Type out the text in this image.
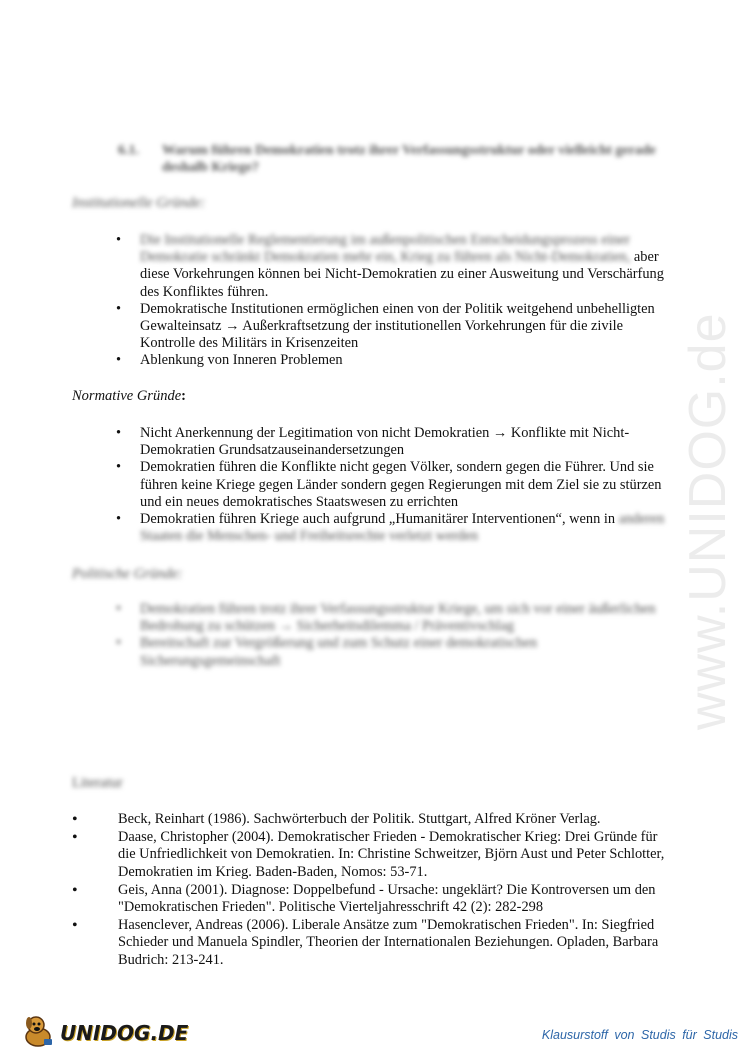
6.1. Warum führen Demokratien trotz ihrer Verfassungsstruktur oder vielleicht gerade deshalb Kriege?
Institutionelle Gründe:
• Die Institutionelle Reglementierung im außenpolitischen Entscheidungsprozess einer Demokratie schränkt Demokratien mehr ein, Krieg zu führen als Nicht-Demokratien, aber diese Vorkehrungen können bei Nicht-Demokratien zu einer Ausweitung und Verschärfung des Konfliktes führen.
• Demokratische Institutionen ermöglichen einen von der Politik weitgehend unbehelligten Gewalteinsatz → Außerkraftsetzung der institutionellen Vorkehrungen für die zivile Kontrolle des Militärs in Krisenzeiten
• Ablenkung von Inneren Problemen
Normative Gründe:
• Nicht Anerkennung der Legitimation von nicht Demokratien → Konflikte mit Nicht-Demokratien Grundsatzauseinandersetzungen
• Demokratien führen die Konflikte nicht gegen Völker, sondern gegen die Führer. Und sie führen keine Kriege gegen Länder sondern gegen Regierungen mit dem Ziel sie zu stürzen und ein neues demokratisches Staatswesen zu errichten
• Demokratien führen Kriege auch aufgrund „Humanitärer Interventionen“, wenn in anderen Staaten die Menschen- und Freiheitsrechte verletzt werden
Politische Gründe:
• Demokratien führen trotz ihrer Verfassungsstruktur Kriege, um sich vor einer äußerlichen Bedrohung zu schützen → Sicherheitsdilemma / Präventivschlag
• Bereitschaft zur Vergrößerung und zum Schutz einer demokratischen Sicherungsgemeinschaft
Literatur
• Beck, Reinhart (1986). Sachwörterbuch der Politik. Stuttgart, Alfred Kröner Verlag.
• Daase, Christopher (2004). Demokratischer Frieden - Demokratischer Krieg: Drei Gründe für die Unfriedlichkeit von Demokratien. In: Christine Schweitzer, Björn Aust und Peter Schlotter, Demokratien im Krieg. Baden-Baden, Nomos: 53-71.
• Geis, Anna (2001). Diagnose: Doppelbefund - Ursache: ungeklärt? Die Kontroversen um den "Demokratischen Frieden". Politische Vierteljahresschrift 42 (2): 282-298
• Hasenclever, Andreas (2006). Liberale Ansätze zum "Demokratischen Frieden". In: Siegfried Schieder und Manuela Spindler, Theorien der Internationalen Beziehungen. Opladen, Barbara Budrich: 213-241.
www.UNIDOG.de
UNIDOG.DE	Klausurstoff von Studis für Studis
